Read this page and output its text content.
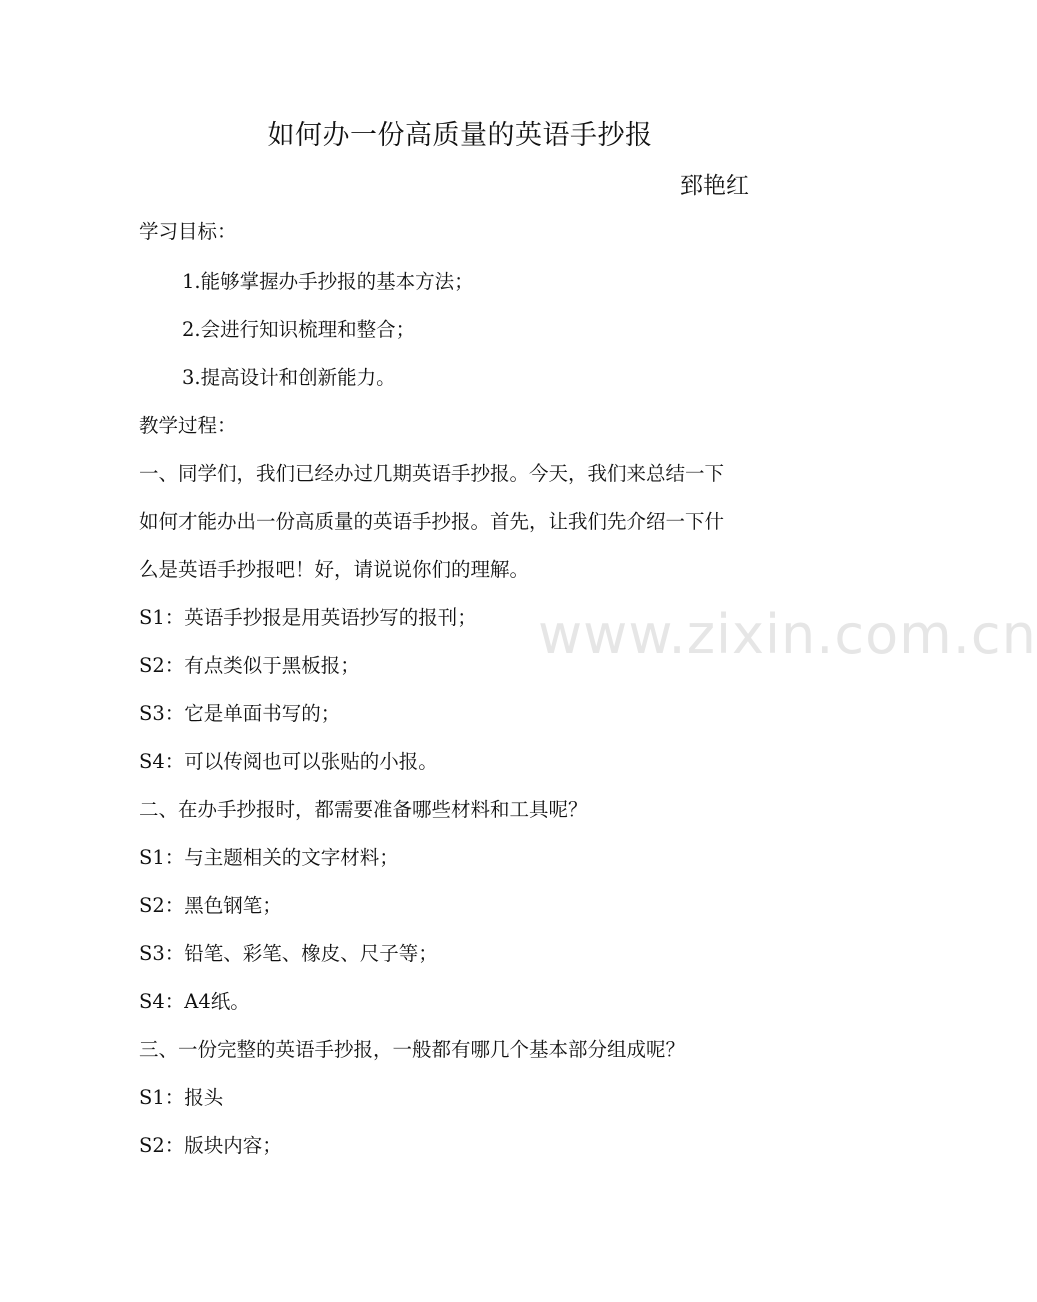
如何办一份高质量的英语手抄报
郅艳红
学习目标：
1.能够掌握办手抄报的基本方法；
2.会进行知识梳理和整合；
3.提高设计和创新能力。
教学过程：
一、同学们，我们已经办过几期英语手抄报。今天，我们来总结一下
如何才能办出一份高质量的英语手抄报。首先，让我们先介绍一下什
么是英语手抄报吧！好，请说说你们的理解。
S1：英语手抄报是用英语抄写的报刊；
S2：有点类似于黑板报；
S3：它是单面书写的；
S4：可以传阅也可以张贴的小报。
二、在办手抄报时，都需要准备哪些材料和工具呢？
S1：与主题相关的文字材料；
S2：黑色钢笔；
S3：铅笔、彩笔、橡皮、尺子等；
S4：A4纸。
三、一份完整的英语手抄报，一般都有哪几个基本部分组成呢？
S1：报头
S2：版块内容；
www.zixin.com.cn
